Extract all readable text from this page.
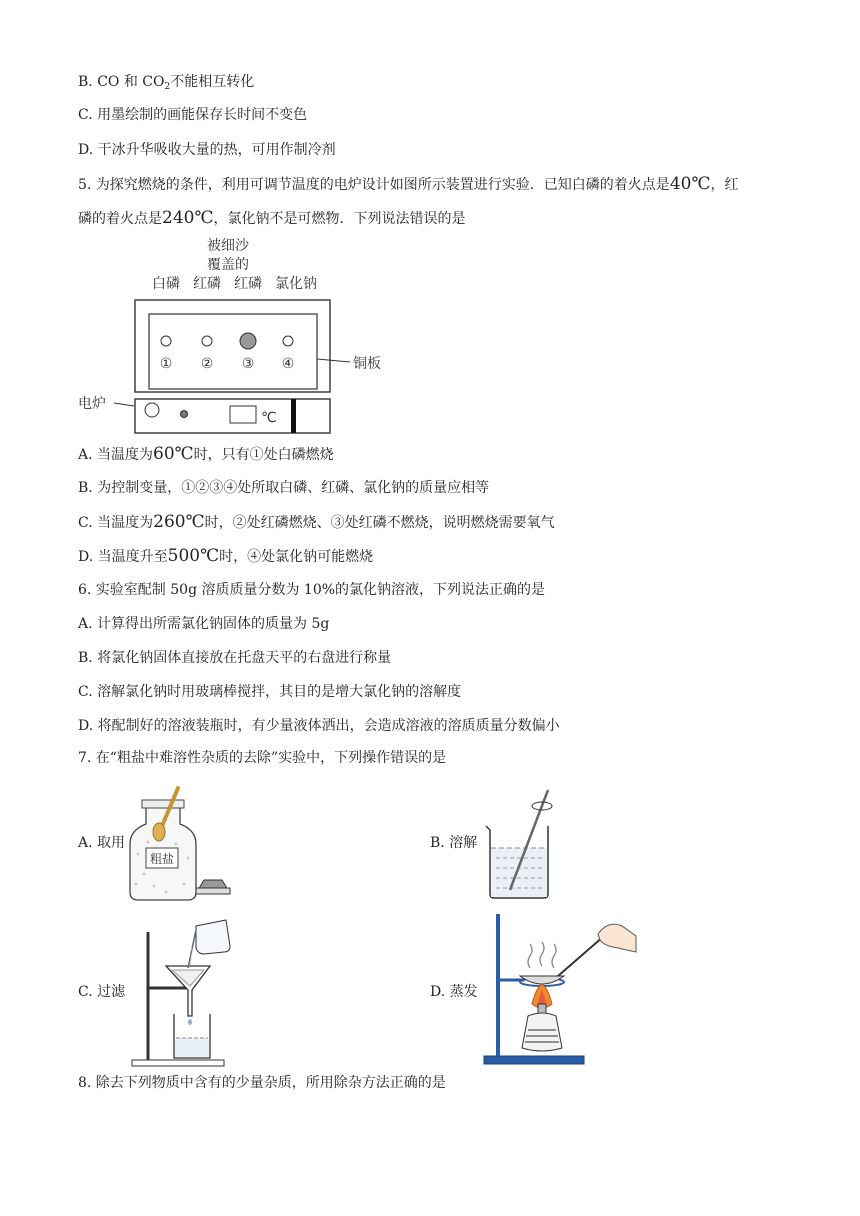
B. CO 和 $CO_2$不能相互转化
C. 用墨绘制的画能保存长时间不变色
D. 干冰升华吸收大量的热，可用作制冷剂
5. 为探究燃烧的条件，利用可调节温度的电炉设计如图所示装置进行实验．已知白磷的着火点是40℃，红
磷的着火点是240℃，氯化钠不是可燃物．下列说法错误的是
被细沙
覆盖的
白磷 红磷 红磷 氯化钠
① ② ③ ④	铜板
℃
电炉
A. 当温度为60℃时，只有①处白磷燃烧
B. 为控制变量，①②③④处所取白磷、红磷、氯化钠的质量应相等
C. 当温度为260℃时，②处红磷燃烧、③处红磷不燃烧，说明燃烧需要氧气
D. 当温度升至500℃时，④处氯化钠可能燃烧
6. 实验室配制 50g 溶质质量分数为 10%的氯化钠溶液，下列说法正确的是
A. 计算得出所需氯化钠固体的质量为 5g
B. 将氯化钠固体直接放在托盘天平的右盘进行称量
C. 溶解氯化钠时用玻璃棒搅拌，其目的是增大氯化钠的溶解度
D. 将配制好的溶液装瓶时，有少量液体洒出，会造成溶液的溶质质量分数偏小
7. 在“粗盐中难溶性杂质的去除”实验中，下列操作错误的是
A. 取用
粗盐
B. 溶解
C. 过滤	D. 蒸发
8. 除去下列物质中含有的少量杂质，所用除杂方法正确的是
